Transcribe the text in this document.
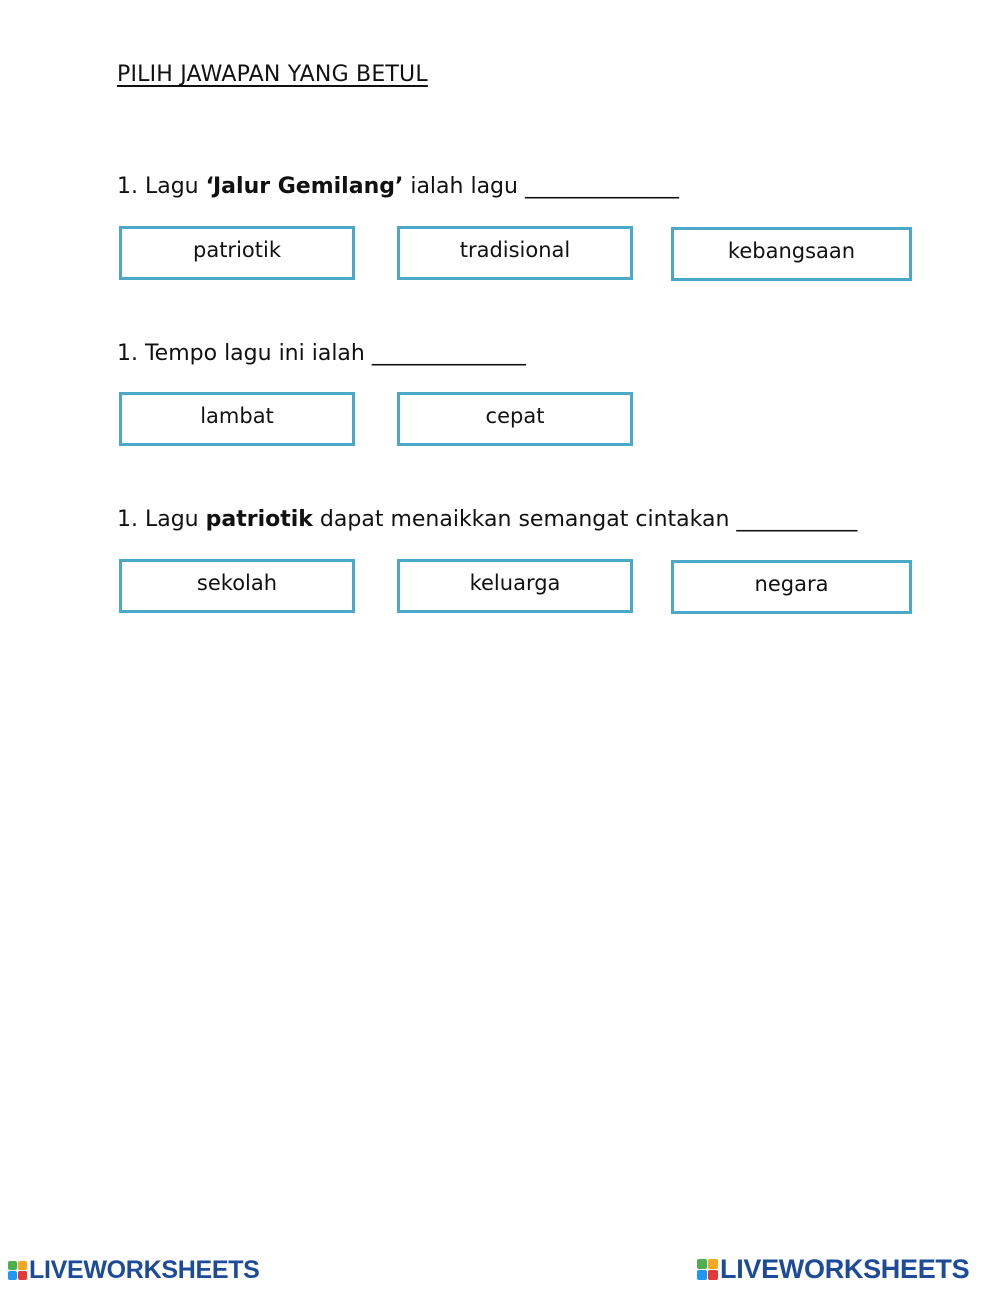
PILIH JAWAPAN YANG BETUL
1. Lagu ‘Jalur Gemilang’ ialah lagu ______________
patriotik	tradisional	kebangsaan
1. Tempo lagu ini ialah ______________
lambat	cepat
1. Lagu patriotik dapat menaikkan semangat cintakan ___________
sekolah	keluarga	negara
LIVEWORKSHEETS	LIVEWORKSHEETS
